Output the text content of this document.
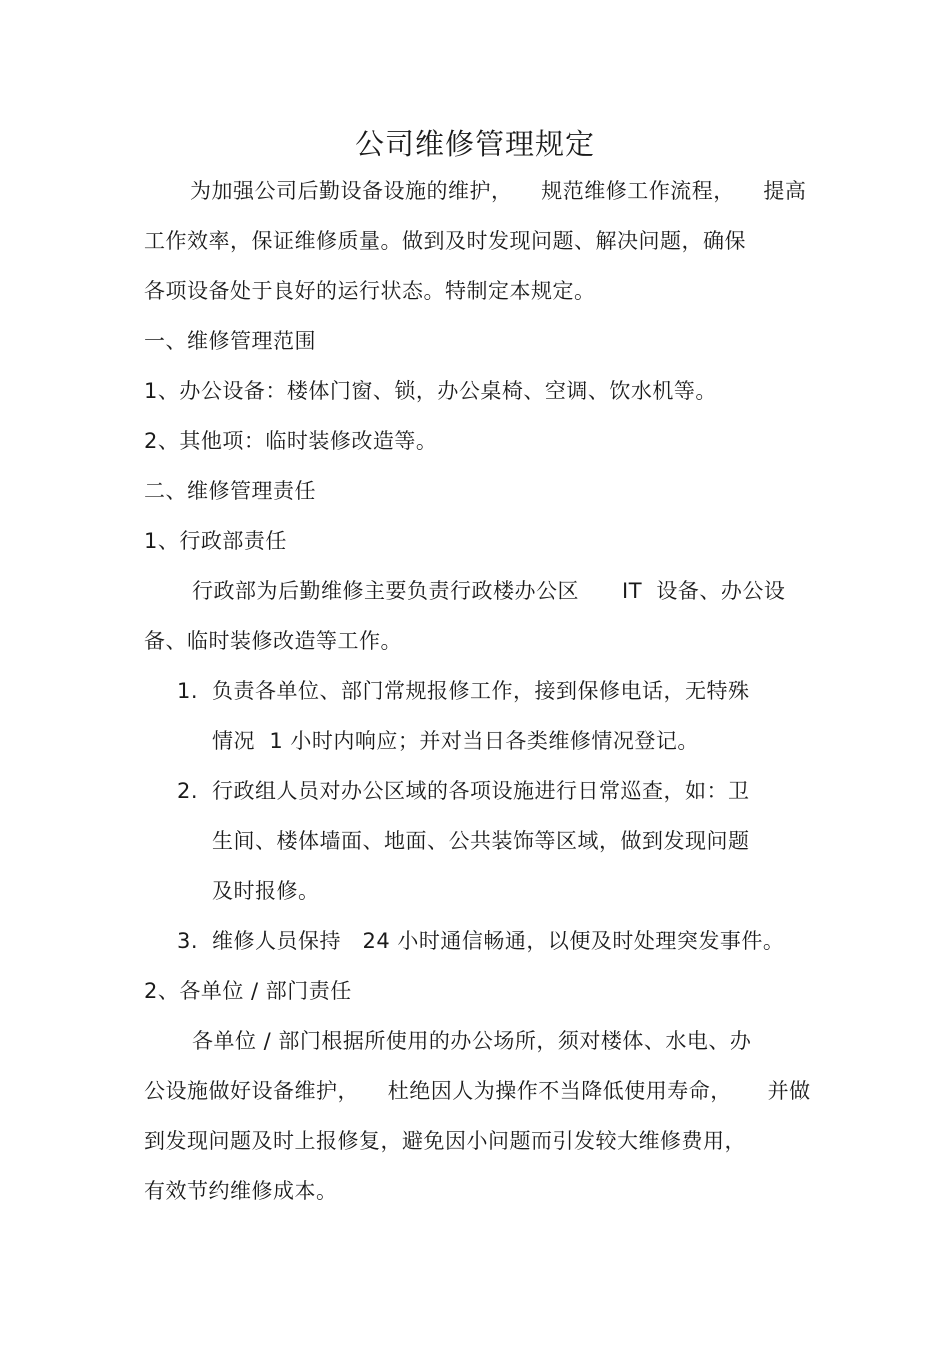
公司维修管理规定
为加强公司后勤设备设施的维护，    规范维修工作流程，    提高
工作效率，保证维修质量。做到及时发现问题、解决问题，确保
各项设备处于良好的运行状态。特制定本规定。
一、维修管理范围
1、办公设备：楼体门窗、锁，办公桌椅、空调、饮水机等。
2、其他项：临时装修改造等。
二、维修管理责任
1、行政部责任
行政部为后勤维修主要负责行政楼办公区      IT  设备、办公设
备、临时装修改造等工作。
1. 负责各单位、部门常规报修工作，接到保修电话，无特殊
情况  1 小时内响应；并对当日各类维修情况登记。
2. 行政组人员对办公区域的各项设施进行日常巡查，如：卫
生间、楼体墙面、地面、公共装饰等区域，做到发现问题
及时报修。
3. 维修人员保持   24 小时通信畅通，以便及时处理突发事件。
2、各单位 / 部门责任
各单位 / 部门根据所使用的办公场所，须对楼体、水电、办
公设施做好设备维护，    杜绝因人为操作不当降低使用寿命，     并做
到发现问题及时上报修复，避免因小问题而引发较大维修费用，
有效节约维修成本。
